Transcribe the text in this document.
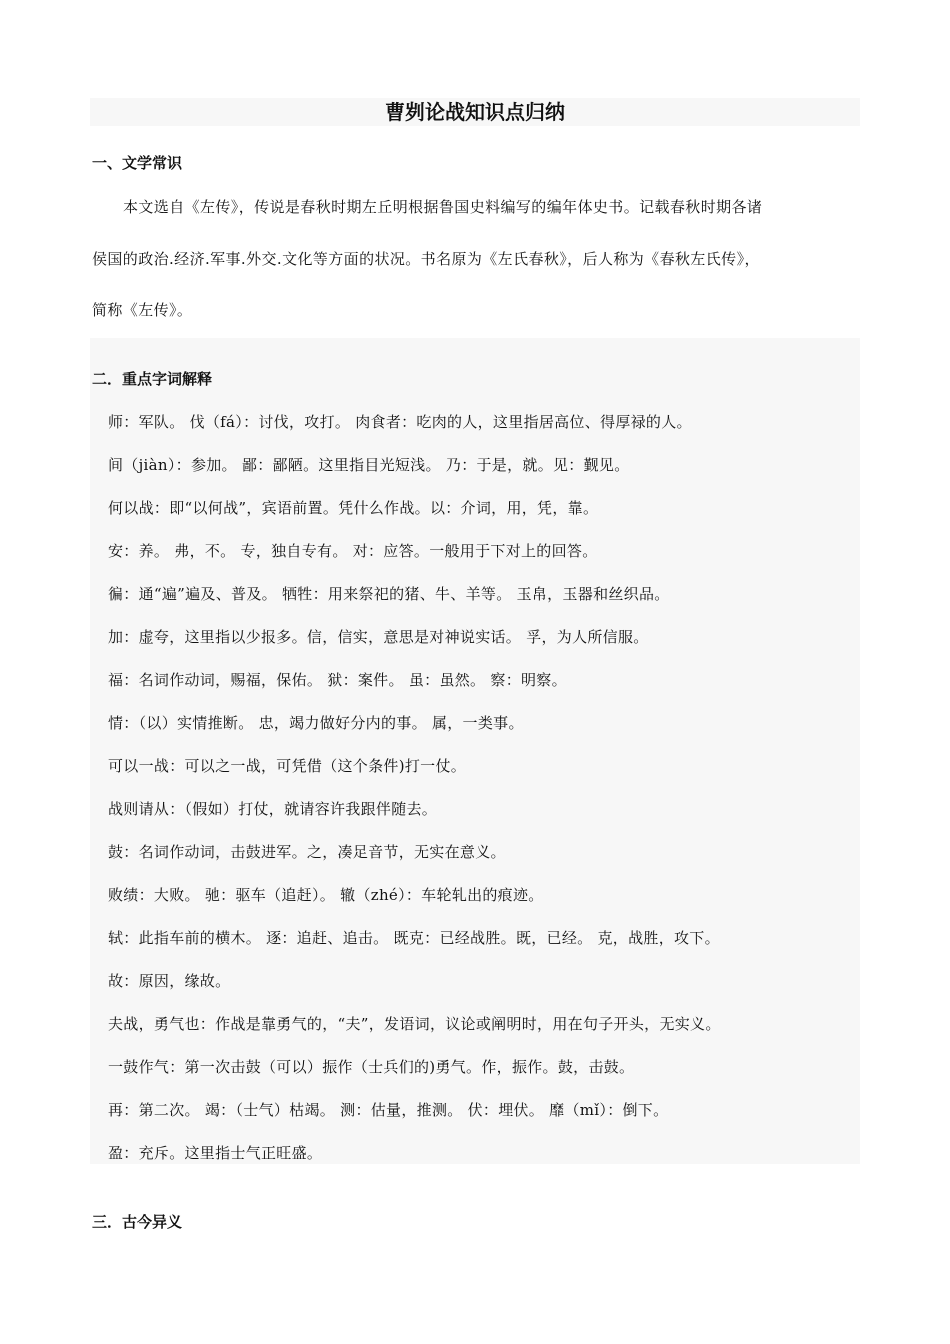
曹刿论战知识点归纳
一、文学常识
本文选自《左传》，传说是春秋时期左丘明根据鲁国史料编写的编年体史书。记载春秋时期各诸
侯国的政治.经济.军事.外交.文化等方面的状况。书名原为《左氏春秋》，后人称为《春秋左氏传》，
简称《左传》。
二．重点字词解释
师：军队。 伐（fá）：讨伐，攻打。 肉食者：吃肉的人，这里指居高位、得厚禄的人。
间（jiàn）：参加。 鄙：鄙陋。这里指目光短浅。 乃：于是，就。见：觐见。
何以战：即“以何战”，宾语前置。凭什么作战。以：介词，用，凭，靠。
安：养。 弗，不。 专，独自专有。 对：应答。一般用于下对上的回答。
徧：通“遍”遍及、普及。 牺牲：用来祭祀的猪、牛、羊等。 玉帛，玉器和丝织品。
加：虚夸，这里指以少报多。信，信实，意思是对神说实话。 孚，为人所信服。
福：名词作动词，赐福，保佑。 狱：案件。 虽：虽然。 察：明察。
情：（以）实情推断。 忠，竭力做好分内的事。 属，一类事。
可以一战：可以之一战，可凭借（这个条件)打一仗。
战则请从：（假如）打仗，就请容许我跟伴随去。
鼓：名词作动词，击鼓进军。之，凑足音节，无实在意义。
败绩：大败。 驰：驱车（追赶）。 辙（zhé）：车轮轧出的痕迹。
轼：此指车前的横木。 逐：追赶、追击。 既克：已经战胜。既，已经。 克，战胜，攻下。
故：原因，缘故。
夫战，勇气也：作战是靠勇气的，“夫”，发语词，议论或阐明时，用在句子开头，无实义。
一鼓作气：第一次击鼓（可以）振作（士兵们的)勇气。作，振作。鼓，击鼓。
再：第二次。 竭：（士气）枯竭。 测：估量，推测。 伏：埋伏。 靡（mǐ）：倒下。
盈：充斥。这里指士气正旺盛。
三．古今异义
